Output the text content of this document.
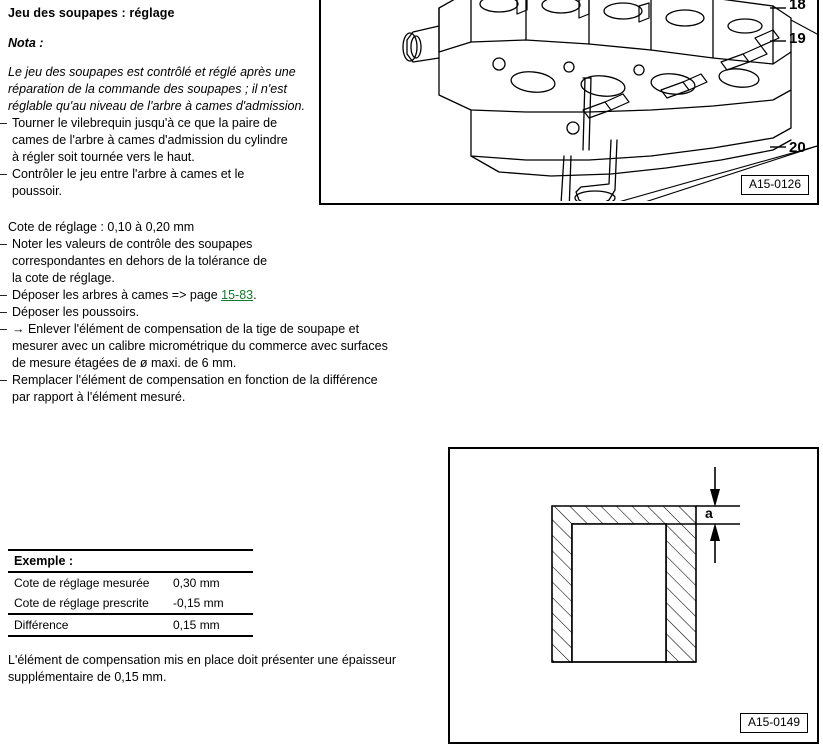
Jeu des soupapes : réglage
Nota :
Le jeu des soupapes est contrôlé et réglé après une réparation de la commande des soupapes ; il n'est réglable qu'au niveau de l'arbre à cames d'admission.
– Tourner le vilebrequin jusqu'à ce que la paire de cames de l'arbre à cames d'admission du cylindre à régler soit tournée vers le haut.
– Contrôler le jeu entre l'arbre à cames et le poussoir.
Cote de réglage : 0,10 à 0,20 mm
– Noter les valeurs de contrôle des soupapes correspondantes en dehors de la tolérance de la cote de réglage.
– Déposer les arbres à cames => page 15-83.
– Déposer les poussoirs.
– → Enlever l'élément de compensation de la tige de soupape et mesurer avec un calibre micrométrique du commerce avec surfaces de mesure étagées de ø maxi. de 6 mm.
– Remplacer l'élément de compensation en fonction de la différence par rapport à l'élément mesuré.
Exemple :	
Cote de réglage mesurée	0,30 mm
Cote de réglage prescrite	-0,15 mm
Différence	0,15 mm
L'élément de compensation mis en place doit présenter une épaisseur supplémentaire de 0,15 mm.
A15-0126
18
19
20
a
A15-0149
